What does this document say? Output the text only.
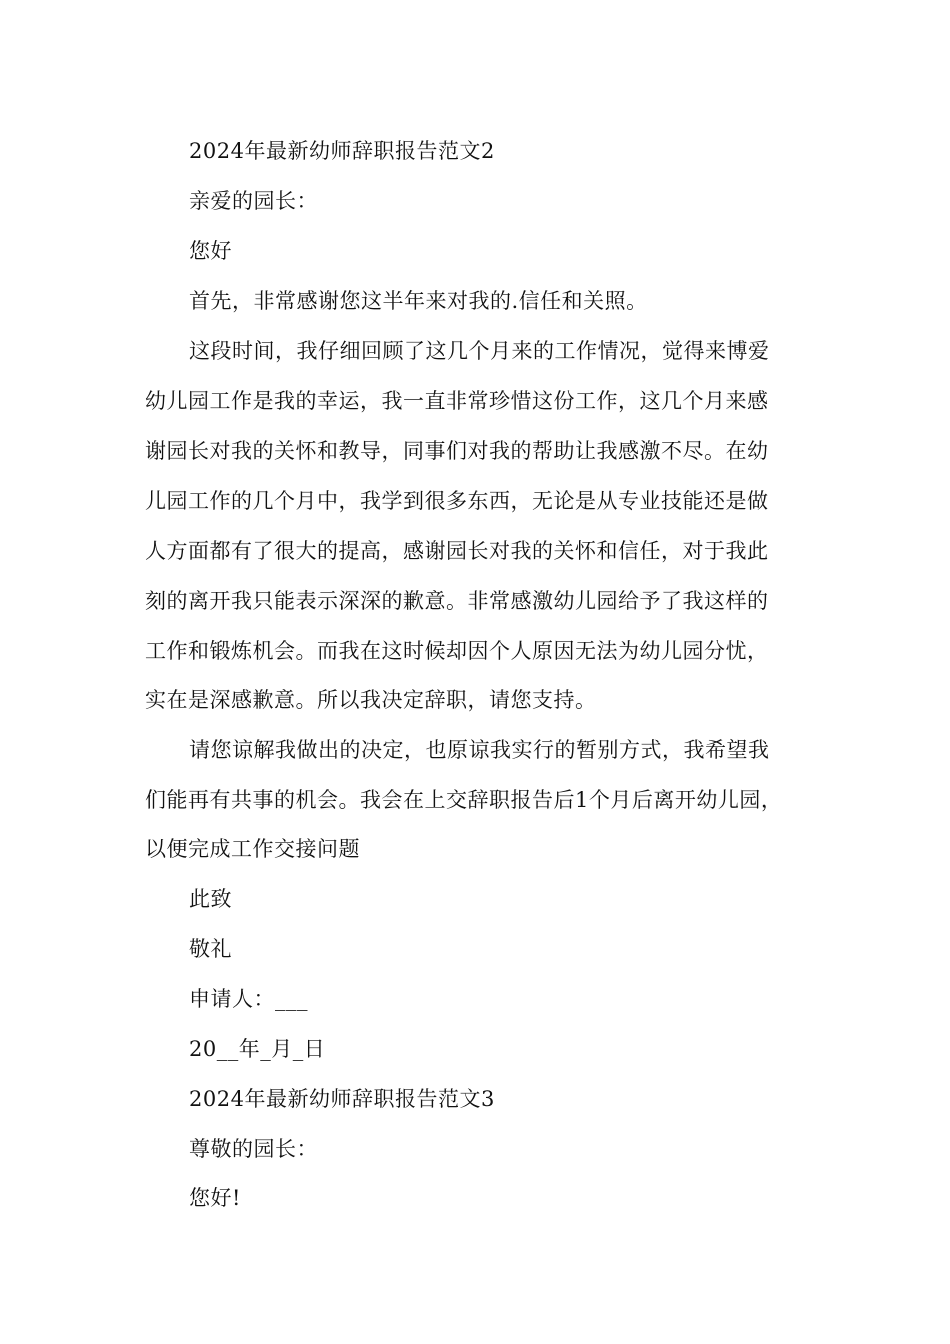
2024年最新幼师辞职报告范文2
亲爱的园长：
您好
首先，非常感谢您这半年来对我的.信任和关照。
这段时间，我仔细回顾了这几个月来的工作情况，觉得来博爱
幼儿园工作是我的幸运，我一直非常珍惜这份工作，这几个月来感
谢园长对我的关怀和教导，同事们对我的帮助让我感激不尽。在幼
儿园工作的几个月中，我学到很多东西，无论是从专业技能还是做
人方面都有了很大的提高，感谢园长对我的关怀和信任，对于我此
刻的离开我只能表示深深的歉意。非常感激幼儿园给予了我这样的
工作和锻炼机会。而我在这时候却因个人原因无法为幼儿园分忧，
实在是深感歉意。所以我决定辞职，请您支持。
请您谅解我做出的决定，也原谅我实行的暂别方式，我希望我
们能再有共事的机会。我会在上交辞职报告后1个月后离开幼儿园，
以便完成工作交接问题
此致
敬礼
申请人：___
20__年_月_日
2024年最新幼师辞职报告范文3
尊敬的园长：
您好!
